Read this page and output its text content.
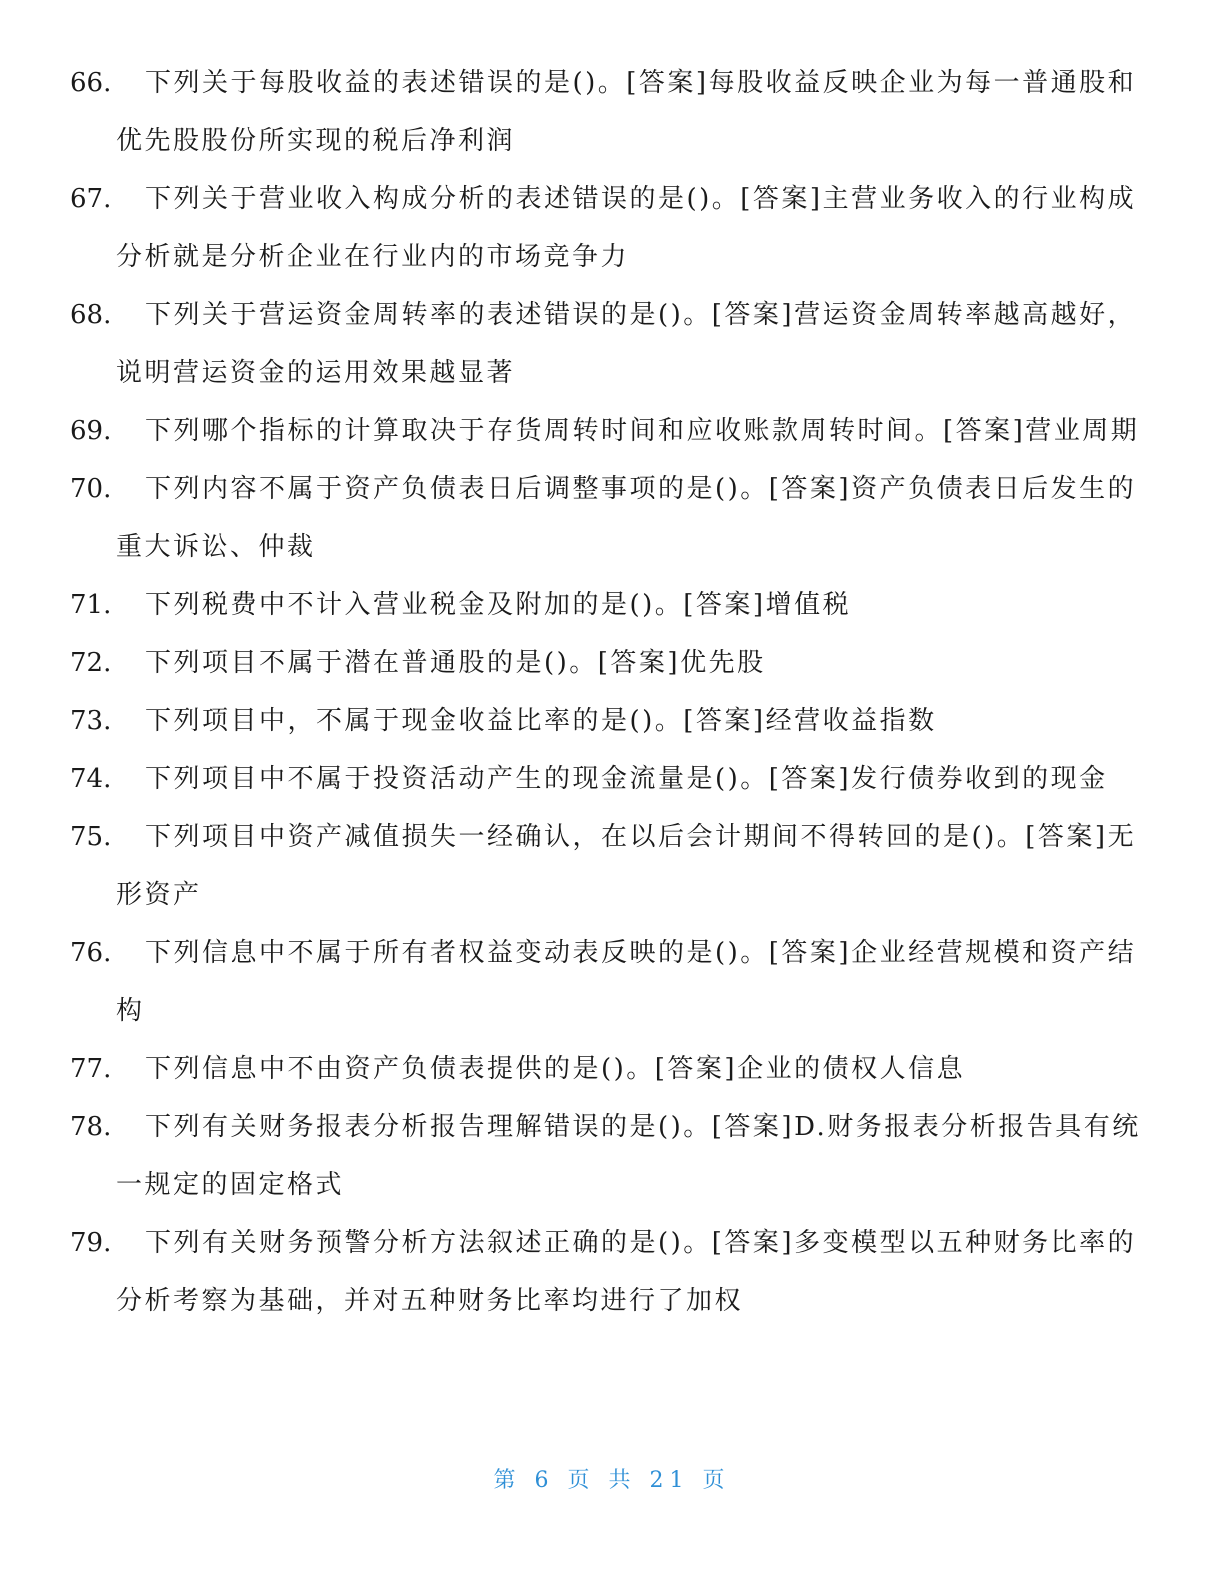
66.	下列关于每股收益的表述错误的是()。[答案]每股收益反映企业为每一普通股和优先股股份所实现的税后净利润
67.	下列关于营业收入构成分析的表述错误的是()。[答案]主营业务收入的行业构成分析就是分析企业在行业内的市场竞争力
68.	下列关于营运资金周转率的表述错误的是()。[答案]营运资金周转率越高越好，说明营运资金的运用效果越显著
69.	下列哪个指标的计算取决于存货周转时间和应收账款周转时间。[答案]营业周期
70.	下列内容不属于资产负债表日后调整事项的是()。[答案]资产负债表日后发生的重大诉讼、仲裁
71.	下列税费中不计入营业税金及附加的是()。[答案]增值税
72.	下列项目不属于潜在普通股的是()。[答案]优先股
73.	下列项目中，不属于现金收益比率的是()。[答案]经营收益指数
74.	下列项目中不属于投资活动产生的现金流量是()。[答案]发行债券收到的现金
75.	下列项目中资产减值损失一经确认，在以后会计期间不得转回的是()。[答案]无形资产
76.	下列信息中不属于所有者权益变动表反映的是()。[答案]企业经营规模和资产结构
77.	下列信息中不由资产负债表提供的是()。[答案]企业的债权人信息
78.	下列有关财务报表分析报告理解错误的是()。[答案]D.财务报表分析报告具有统一规定的固定格式
79.	下列有关财务预警分析方法叙述正确的是()。[答案]多变模型以五种财务比率的分析考察为基础，并对五种财务比率均进行了加权
第 6 页 共 21 页
